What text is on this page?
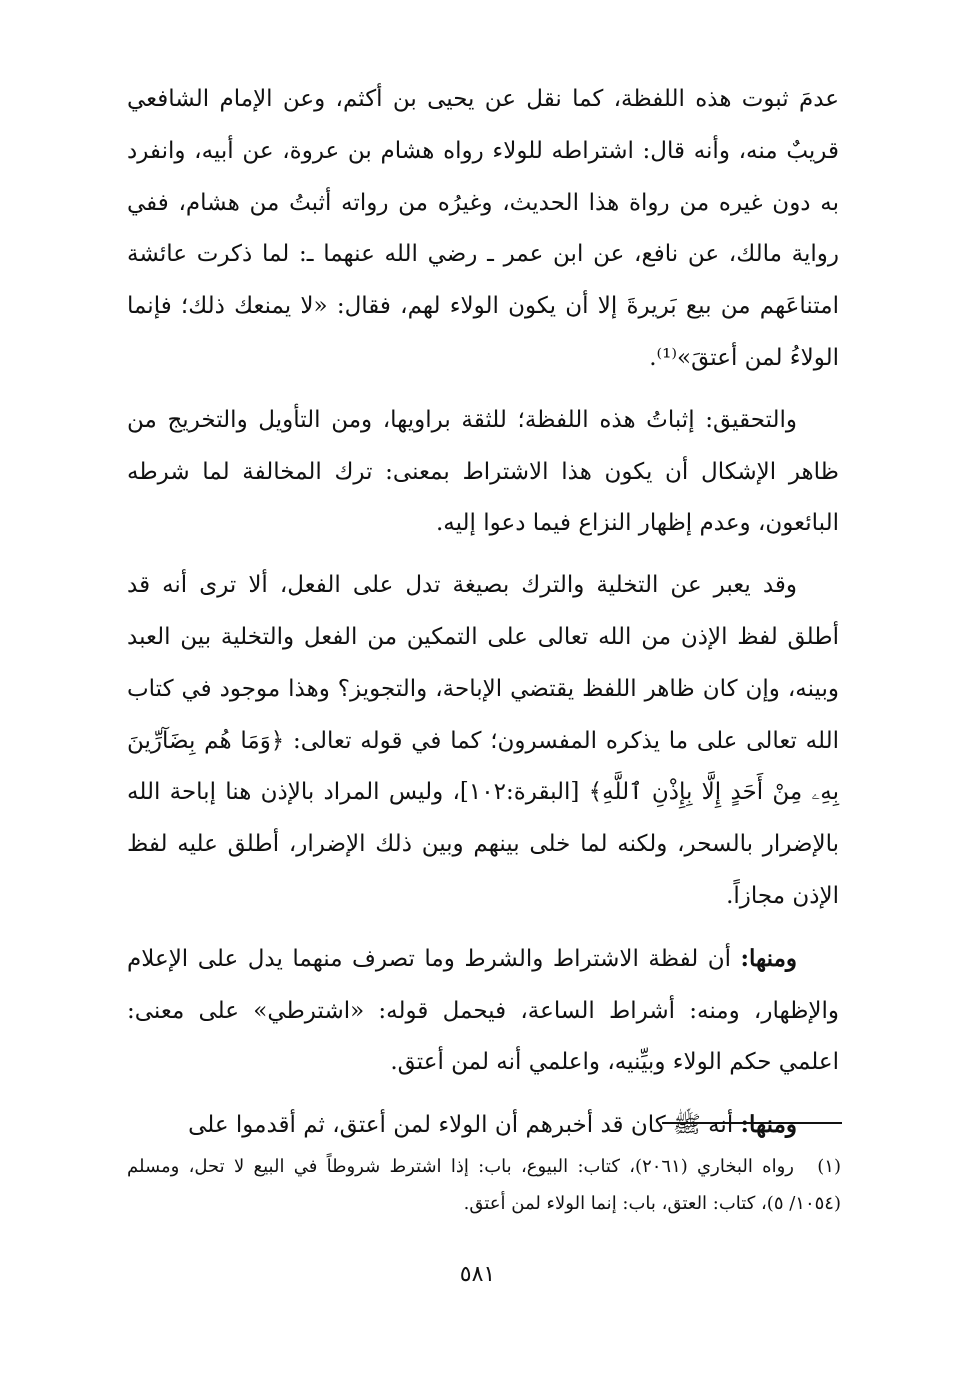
عدمَ ثبوت هذه اللفظة، كما نقل عن يحيى بن أكثم، وعن الإمام الشافعي قريبٌ منه، وأنه قال: اشتراطه للولاء رواه هشام بن عروة، عن أبيه، وانفرد به دون غيره من رواة هذا الحديث، وغيرُه من رواته أثبتُ من هشام، ففي رواية مالك، عن نافع، عن ابن عمر ـ رضي الله عنهما ـ: لما ذكرت عائشة امتناعَهم من بيع بَريرةَ إلا أن يكون الولاء لهم، فقال: «لا يمنعك ذلك؛ فإنما الولاءُ لمن أعتقَ»⁽¹⁾.

والتحقيق: إثباتُ هذه اللفظة؛ للثقة براويها، ومن التأويل والتخريج من ظاهر الإشكال أن يكون هذا الاشتراط بمعنى: ترك المخالفة لما شرطه البائعون، وعدم إظهار النزاع فيما دعوا إليه.

وقد يعبر عن التخلية والترك بصيغة تدل على الفعل، ألا ترى أنه قد أطلق لفظ الإذن من الله تعالى على التمكين من الفعل والتخلية بين العبد وبينه، وإن كان ظاهر اللفظ يقتضي الإباحة، والتجويز؟ وهذا موجود في كتاب الله تعالى على ما يذكره المفسرون؛ كما في قوله تعالى: ﴿وَمَا هُم بِضَآرِّينَ بِهِۦ مِنْ أَحَدٍ إِلَّا بِإِذْنِ ٱللَّهِ﴾ [البقرة:١٠٢]، وليس المراد بالإذن هنا إباحة الله بالإضرار بالسحر، ولكنه لما خلى بينهم وبين ذلك الإضرار، أطلق عليه لفظ الإذن مجازاً.

ومنها: أن لفظة الاشتراط والشرط وما تصرف منهما يدل على الإعلام والإظهار، ومنه: أشراط الساعة، فيحمل قوله: «اشترطي» على معنى: اعلمي حكم الولاء وبيِّنيه، واعلمي أنه لمن أعتق.

ومنها: أنه ﷺ كان قد أخبرهم أن الولاء لمن أعتق، ثم أقدموا على

(١) رواه البخاري (٢٠٦١)، كتاب: البيوع، باب: إذا اشترط شروطاً في البيع لا تحل، ومسلم (١٠٥٤/ ٥)، كتاب: العتق، باب: إنما الولاء لمن أعتق.
٥٨١
